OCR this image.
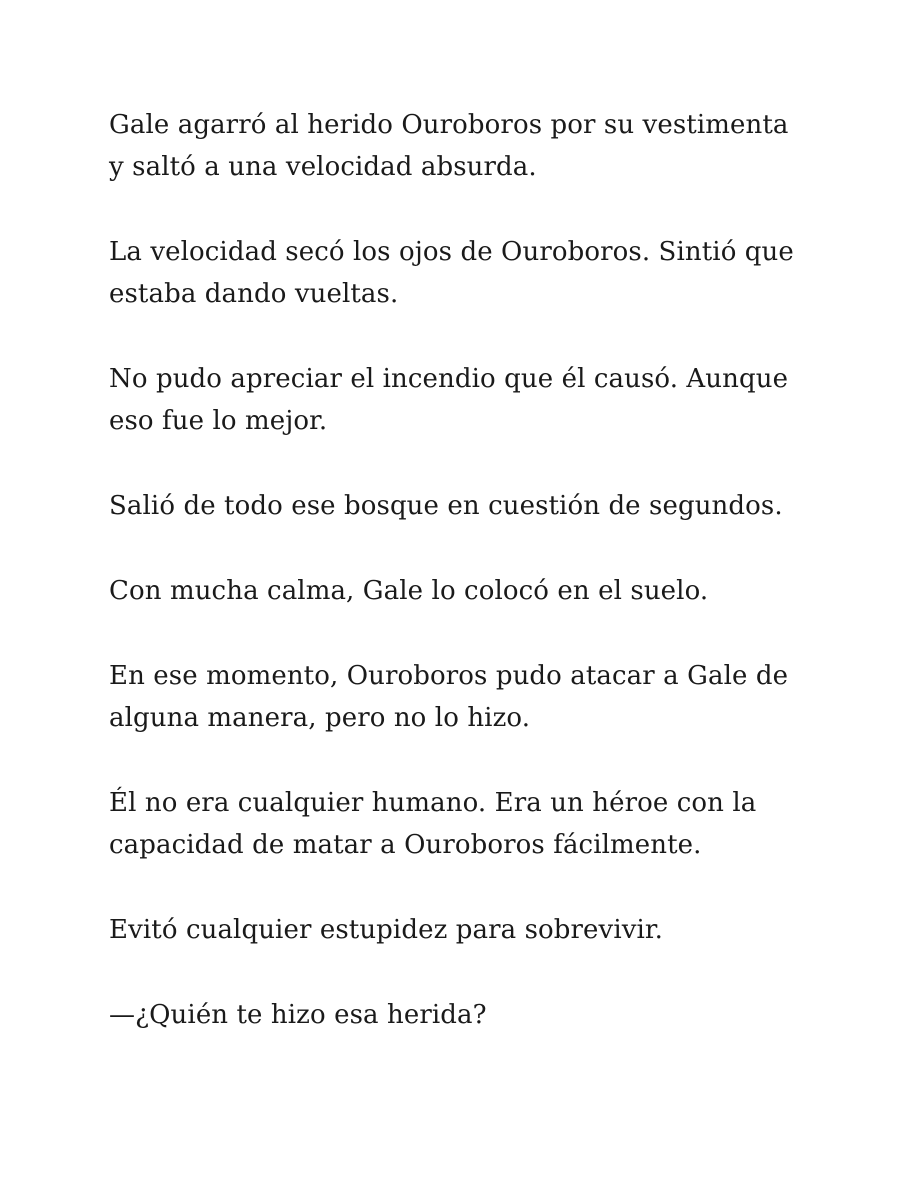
Gale agarró al herido Ouroboros por su vestimenta y saltó a una velocidad absurda.

La velocidad secó los ojos de Ouroboros. Sintió que estaba dando vueltas.

No pudo apreciar el incendio que él causó. Aunque eso fue lo mejor.

Salió de todo ese bosque en cuestión de segundos.

Con mucha calma, Gale lo colocó en el suelo.

En ese momento, Ouroboros pudo atacar a Gale de alguna manera, pero no lo hizo.

Él no era cualquier humano. Era un héroe con la capacidad de matar a Ouroboros fácilmente.

Evitó cualquier estupidez para sobrevivir.

—¿Quién te hizo esa herida?
